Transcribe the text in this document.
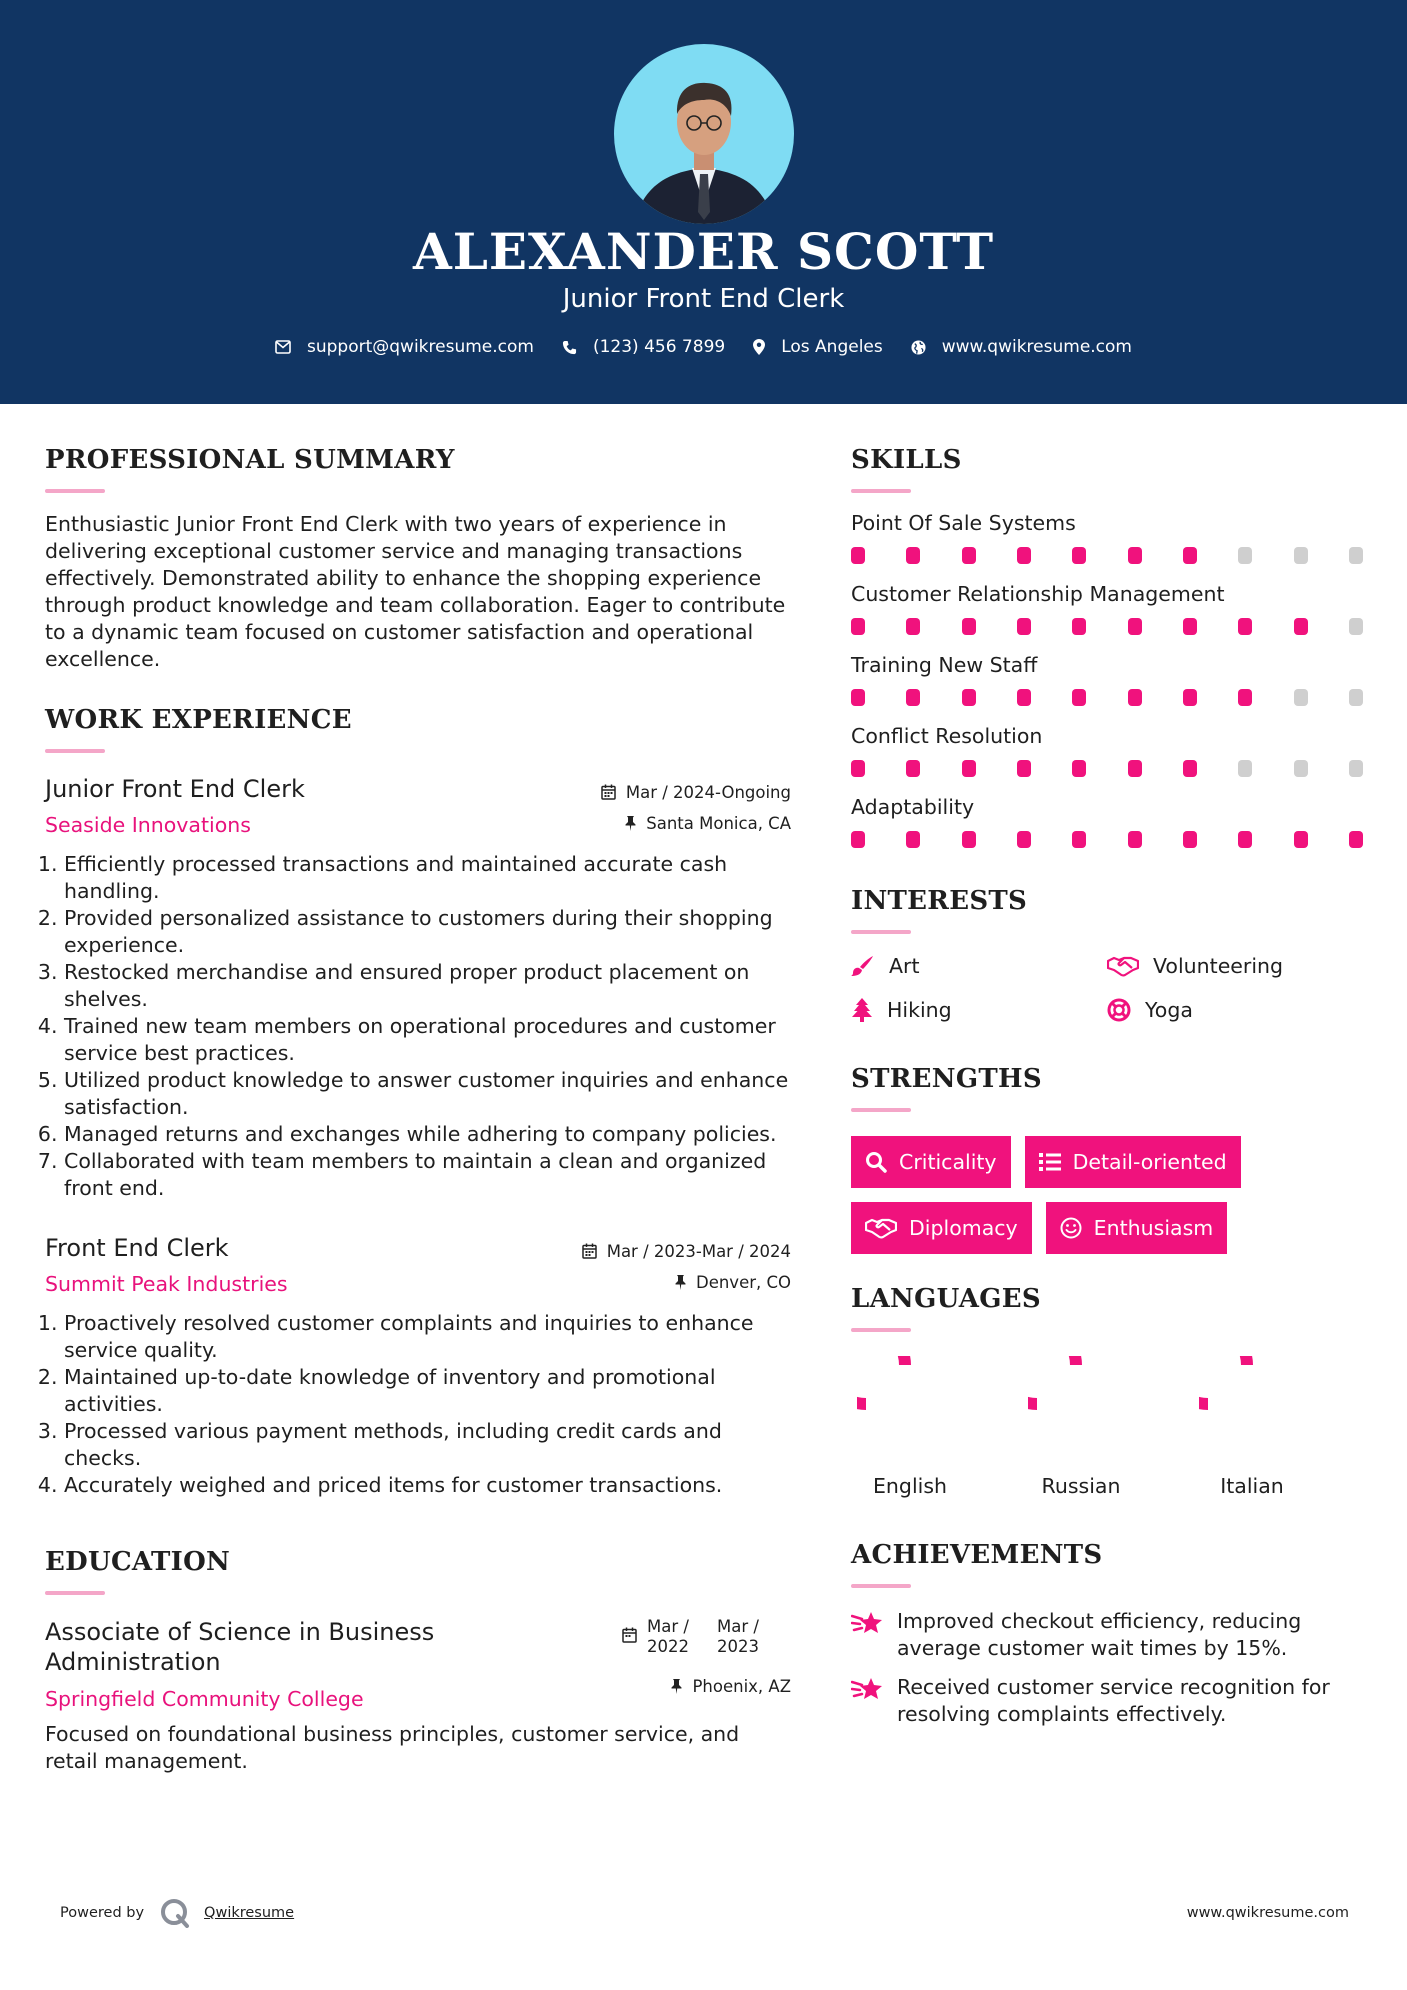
ALEXANDER SCOTT
Junior Front End Clerk
support@qwikresume.com	(123) 456 7899	Los Angeles	www.qwikresume.com
PROFESSIONAL SUMMARY
Enthusiastic Junior Front End Clerk with two years of experience in delivering exceptional customer service and managing transactions effectively. Demonstrated ability to enhance the shopping experience through product knowledge and team collaboration. Eager to contribute to a dynamic team focused on customer satisfaction and operational excellence.
WORK EXPERIENCE
Junior Front End Clerk
Seaside Innovations
Mar / 2024-Ongoing
Santa Monica, CA
1. Efficiently processed transactions and maintained accurate cash handling.
2. Provided personalized assistance to customers during their shopping experience.
3. Restocked merchandise and ensured proper product placement on shelves.
4. Trained new team members on operational procedures and customer service best practices.
5. Utilized product knowledge to answer customer inquiries and enhance satisfaction.
6. Managed returns and exchanges while adhering to company policies.
7. Collaborated with team members to maintain a clean and organized front end.
Front End Clerk
Summit Peak Industries
Mar / 2023-Mar / 2024
Denver, CO
1. Proactively resolved customer complaints and inquiries to enhance service quality.
2. Maintained up-to-date knowledge of inventory and promotional activities.
3. Processed various payment methods, including credit cards and checks.
4. Accurately weighed and priced items for customer transactions.
EDUCATION
Associate of Science in Business
Administration
Springfield Community College
Mar /
2022
Mar /
2023
Phoenix, AZ
Focused on foundational business principles, customer service, and retail management.
SKILLS
Point Of Sale Systems
Customer Relationship Management
Training New Staff
Conflict Resolution
Adaptability
INTERESTS
Art	Volunteering
Hiking	Yoga
STRENGTHS
Criticality	Detail-oriented
Diplomacy	Enthusiasm
LANGUAGES
English	Russian	Italian
ACHIEVEMENTS
Improved checkout efficiency, reducing average customer wait times by 15%.
Received customer service recognition for resolving complaints effectively.
Powered by	Qwikresume	www.qwikresume.com
